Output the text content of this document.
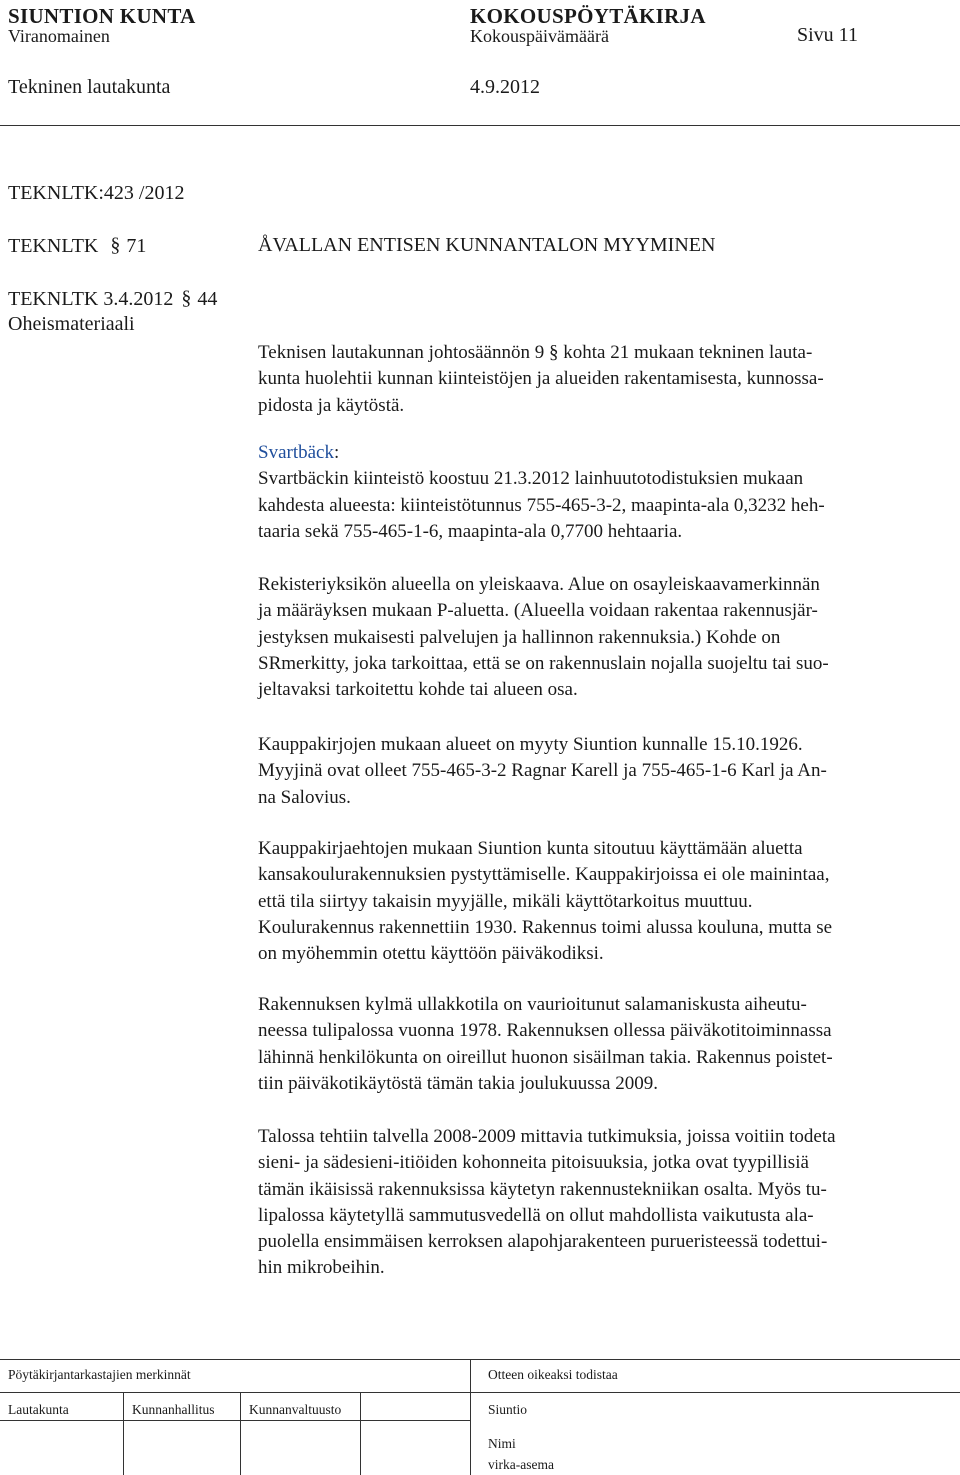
SIUNTION KUNTA	KOKOUSPÖYTÄKIRJA
Viranomainen	Kokouspäivämäärä	Sivu 11
Tekninen lautakunta	4.9.2012
TEKNLTK:423 /2012
TEKNLTK § 71	ÅVALLAN ENTISEN KUNNANTALON MYYMINEN
TEKNLTK 3.4.2012 § 44
Oheismateriaali

Teknisen lautakunnan johtosäännön 9 § kohta 21 mukaan tekninen lauta-

kunta huolehtii kunnan kiinteistöjen ja alueiden rakentamisesta, kunnossa-

pidosta ja käytöstä.

Svartbäck:

Svartbäckin kiinteistö koostuu 21.3.2012 lainhuutotodistuksien mukaan

kahdesta alueesta: kiinteistötunnus 755-465-3-2, maapinta-ala 0,3232 heh-

taaria sekä 755-465-1-6, maapinta-ala 0,7700 hehtaaria.

Rekisteriyksikön alueella on yleiskaava. Alue on osayleiskaavamerkinnän

ja määräyksen mukaan P-aluetta. (Alueella voidaan rakentaa rakennusjär-

jestyksen mukaisesti palvelujen ja hallinnon rakennuksia.) Kohde on

SRmerkitty, joka tarkoittaa, että se on rakennuslain nojalla suojeltu tai suo-

jeltavaksi tarkoitettu kohde tai alueen osa.

Kauppakirjojen mukaan alueet on myyty Siuntion kunnalle 15.10.1926.

Myyjinä ovat olleet 755-465-3-2 Ragnar Karell ja 755-465-1-6 Karl ja An-

na Salovius.

Kauppakirjaehtojen mukaan Siuntion kunta sitoutuu käyttämään aluetta

kansakoulurakennuksien pystyttämiselle. Kauppakirjoissa ei ole mainintaa,

että tila siirtyy takaisin myyjälle, mikäli käyttötarkoitus muuttuu.

Koulurakennus rakennettiin 1930. Rakennus toimi alussa kouluna, mutta se

on myöhemmin otettu käyttöön päiväkodiksi.

Rakennuksen kylmä ullakkotila on vaurioitunut salamaniskusta aiheutu-

neessa tulipalossa vuonna 1978. Rakennuksen ollessa päiväkotitoiminnassa

lähinnä henkilökunta on oireillut huonon sisäilman takia. Rakennus poistet-

tiin päiväkotikäytöstä tämän takia joulukuussa 2009.

Talossa tehtiin talvella 2008-2009 mittavia tutkimuksia, joissa voitiin todeta

sieni- ja sädesieni-itiöiden kohonneita pitoisuuksia, jotka ovat tyypillisiä

tämän ikäisissä rakennuksissa käytetyn rakennustekniikan osalta. Myös tu-

lipalossa käytetyllä sammutusvedellä on ollut mahdollista vaikutusta ala-

puolella ensimmäisen kerroksen alapohjarakenteen purueristeessä todettui-

hin mikrobeihin.

Pöytäkirjantarkastajien merkinnät	Otteen oikeaksi todistaa
Lautakunta	Kunnanhallitus	Kunnanvaltuusto	Siuntio
Nimi
virka-asema
